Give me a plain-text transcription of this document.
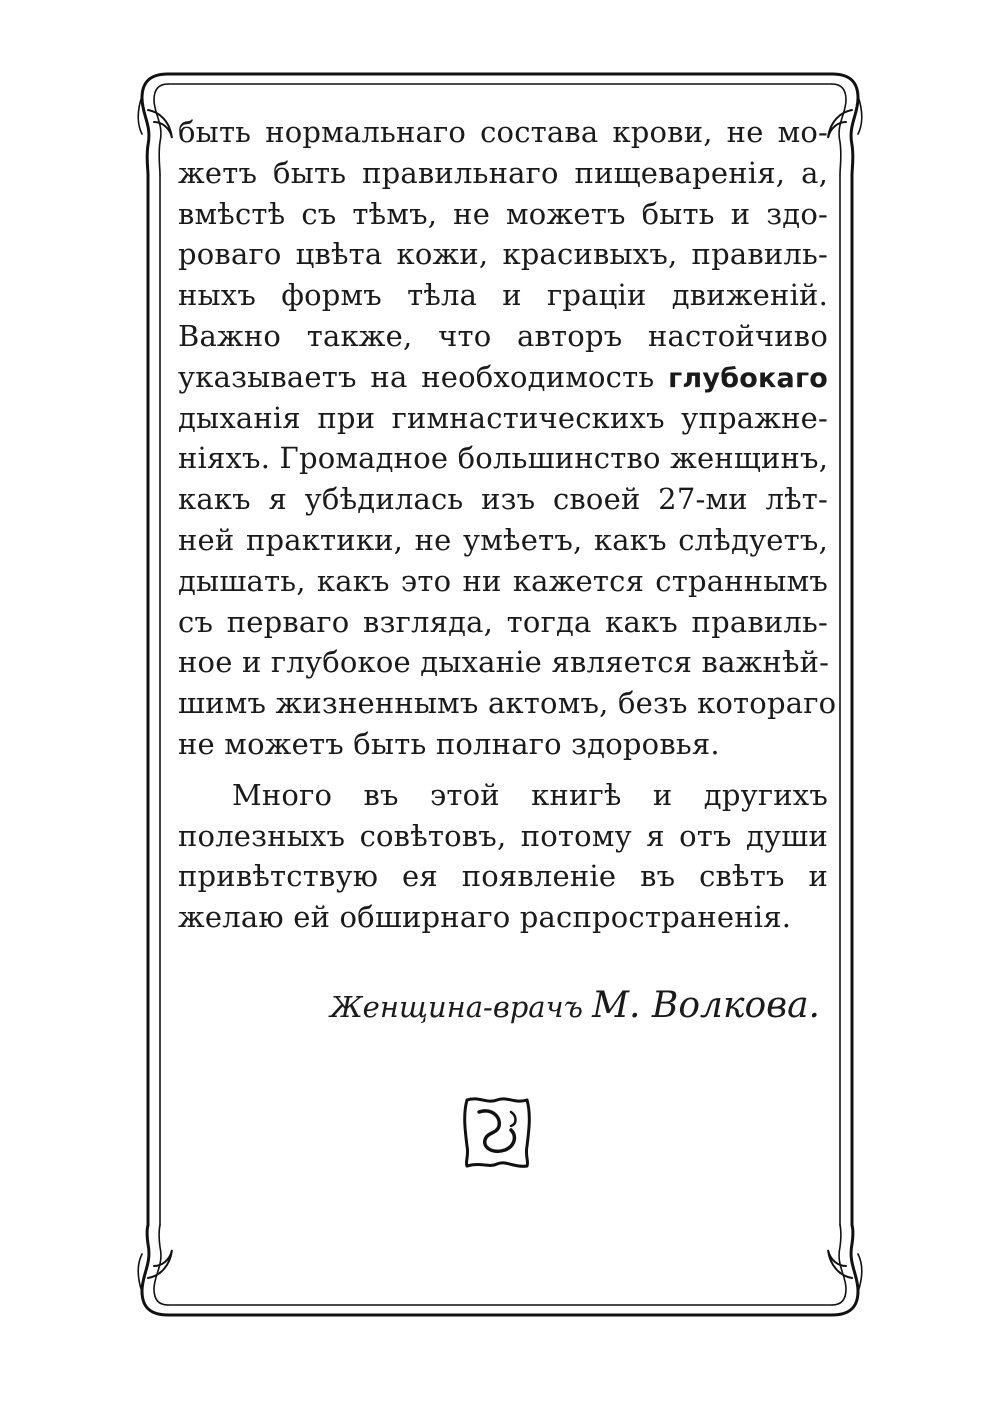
быть нормальнаго состава крови, не мо-
жетъ быть правильнаго пищеваренія, а,
вмѣстѣ съ тѣмъ, не можетъ быть и здо-
роваго цвѣта кожи, красивыхъ, правиль-
ныхъ формъ тѣла и граціи движеній.
Важно также, что авторъ настойчиво
указываетъ на необходимость глубокаго
дыханія при гимнастическихъ упражне-
ніяхъ. Громадное большинство женщинъ,
какъ я убѣдилась изъ своей 27-ми лѣт-
ней практики, не умѣетъ, какъ слѣдуетъ,
дышать, какъ это ни кажется страннымъ
съ перваго взгляда, тогда какъ правиль-
ное и глубокое дыханіе является важнѣй-
шимъ жизненнымъ актомъ, безъ котораго
не можетъ быть полнаго здоровья.
Много въ этой книгѣ и другихъ
полезныхъ совѣтовъ, потому я отъ души
привѣтствую ея появленіе въ свѣтъ и
желаю ей обширнаго распространенія.
Женщина-врачъ М. Волкова.
